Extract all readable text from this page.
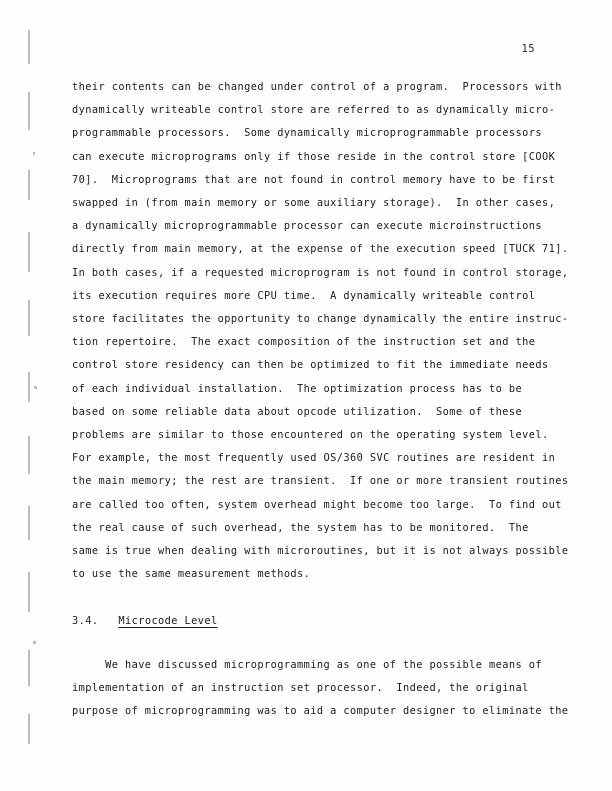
15
their contents can be changed under control of a program.  Processors with
dynamically writeable control store are referred to as dynamically micro-
programmable processors.  Some dynamically microprogrammable processors
can execute microprograms only if those reside in the control store [COOK
70].  Microprograms that are not found in control memory have to be first
swapped in (from main memory or some auxiliary storage).  In other cases,
a dynamically microprogrammable processor can execute microinstructions
directly from main memory, at the expense of the execution speed [TUCK 71].
In both cases, if a requested microprogram is not found in control storage,
its execution requires more CPU time.  A dynamically writeable control
store facilitates the opportunity to change dynamically the entire instruc-
tion repertoire.  The exact composition of the instruction set and the
control store residency can then be optimized to fit the immediate needs
of each individual installation.  The optimization process has to be
based on some reliable data about opcode utilization.  Some of these
problems are similar to those encountered on the operating system level.
For example, the most frequently used OS/360 SVC routines are resident in
the main memory; the rest are transient.  If one or more transient routines
are called too often, system overhead might become too large.  To find out
the real cause of such overhead, the system has to be monitored.  The
same is true when dealing with microroutines, but it is not always possible
to use the same measurement methods.
3.4. Microcode Level
We have discussed microprogramming as one of the possible means of
implementation of an instruction set processor.  Indeed, the original
purpose of microprogramming was to aid a computer designer to eliminate the
